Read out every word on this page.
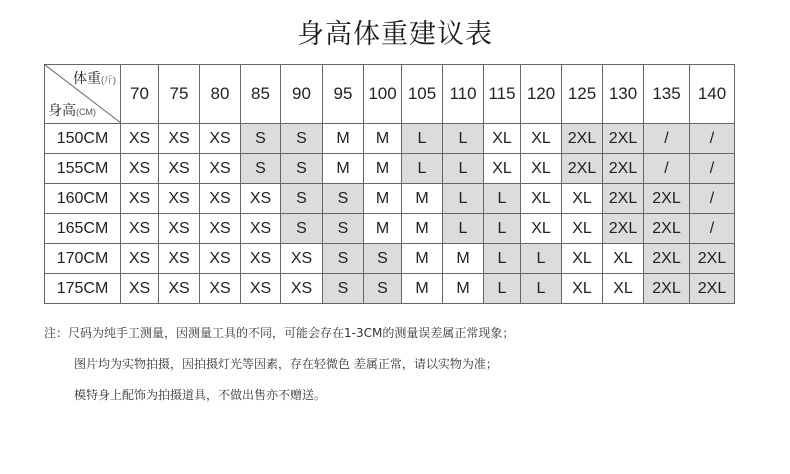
身高体重建议表
体重(斤)
身高(CM)	70	75	80	85	90	95	100	105	110	115	120	125	130	135	140
150CM	XS	XS	XS	S	S	M	M	L	L	XL	XL	2XL	2XL	/	/
155CM	XS	XS	XS	S	S	M	M	L	L	XL	XL	2XL	2XL	/	/
160CM	XS	XS	XS	XS	S	S	M	M	L	L	XL	XL	2XL	2XL	/
165CM	XS	XS	XS	XS	S	S	M	M	L	L	XL	XL	2XL	2XL	/
170CM	XS	XS	XS	XS	XS	S	S	M	M	L	L	XL	XL	2XL	2XL
175CM	XS	XS	XS	XS	XS	S	S	M	M	L	L	XL	XL	2XL	2XL
注：尺码为纯手工测量，因测量工具的不同，可能会存在1-3CM的测量误差属正常现象；
图片均为实物拍摄，因拍摄灯光等因素，存在轻微色 差属正常，请以实物为准；
模特身上配饰为拍摄道具，不做出售亦不赠送。
